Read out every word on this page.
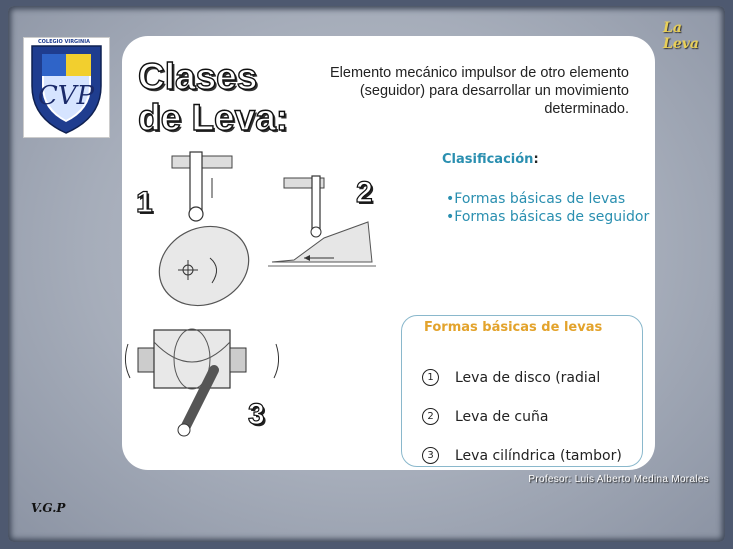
La
Leva
CVP
COLEGIO VIRGINIA
Clases
de Leva:
Elemento mecánico impulsor de otro elemento (seguidor) para desarrollar un movimiento determinado.
Clasificación:
• Formas básicas de levas
• Formas básicas de seguidor
1	2
3
Formas básicas de levas
1	Leva de disco (radial
2	Leva de cuña
3	Leva cilíndrica (tambor)
Profesor: Luis Alberto Medina Morales
V.G.P
